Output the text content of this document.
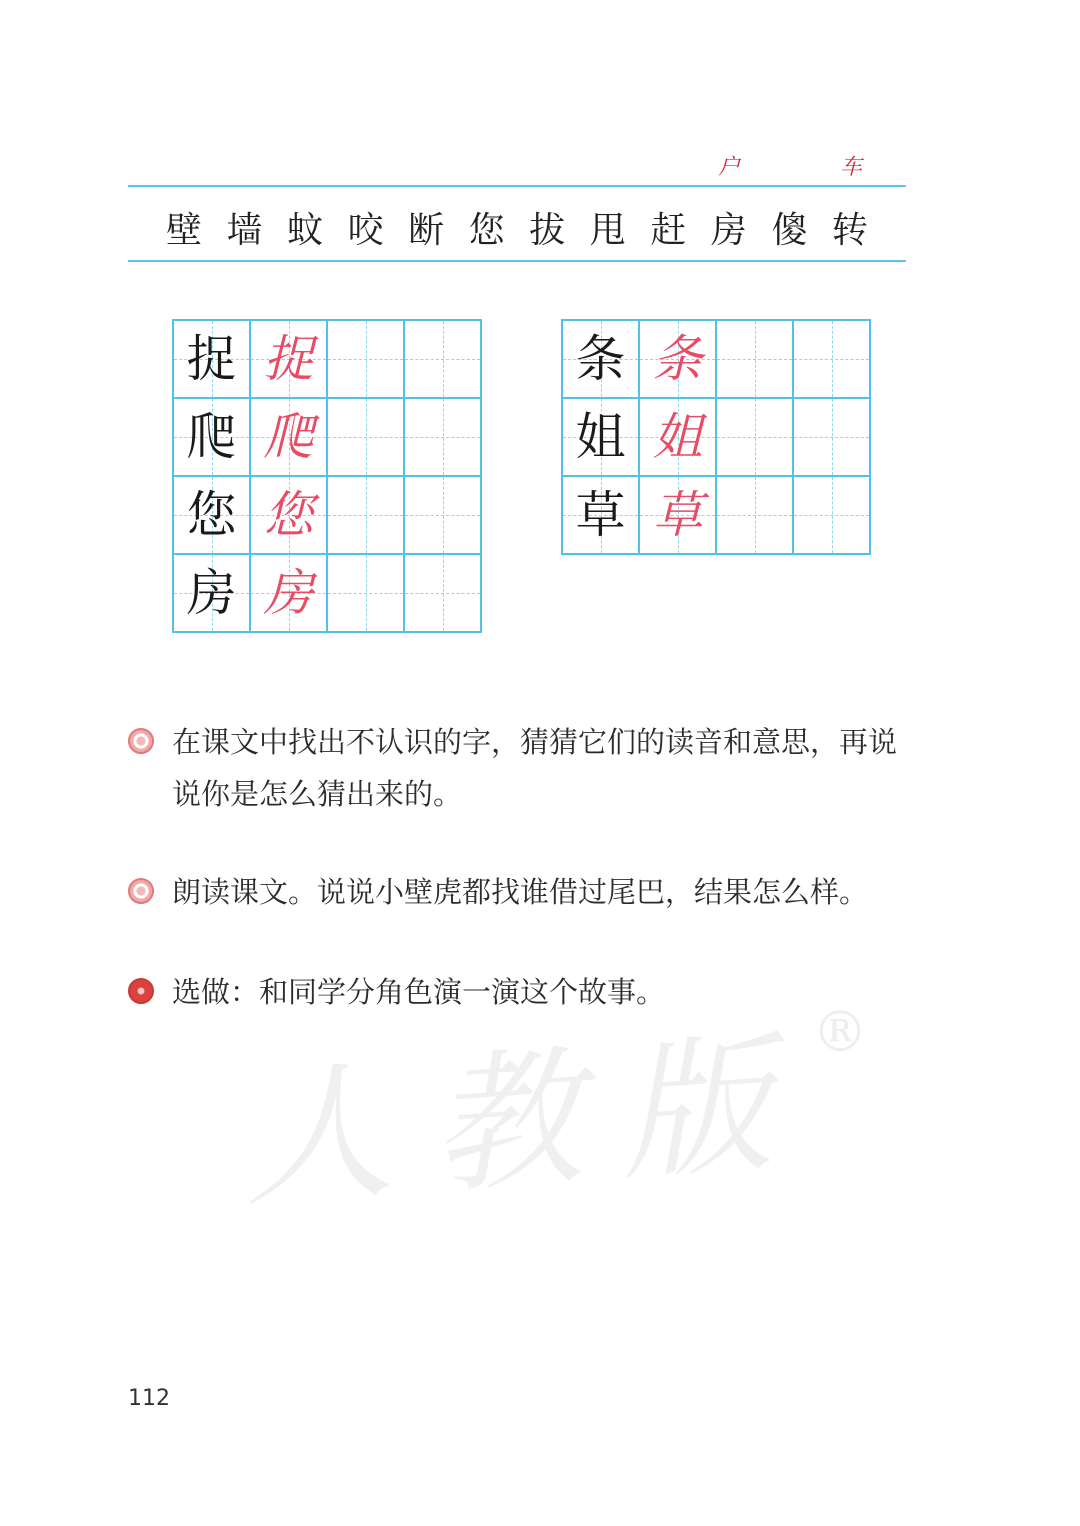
人教版
®
户	车
壁 墙 蚊 咬 断 您 拔 甩 赶 房 傻 转
捉 捉
爬 爬
您 您
房 房
条 条
姐 姐
草 草
在课文中找出不认识的字，猜猜它们的读音和意思，再说说你是怎么猜出来的。
朗读课文。说说小壁虎都找谁借过尾巴，结果怎么样。
选做：和同学分角色演一演这个故事。
112
